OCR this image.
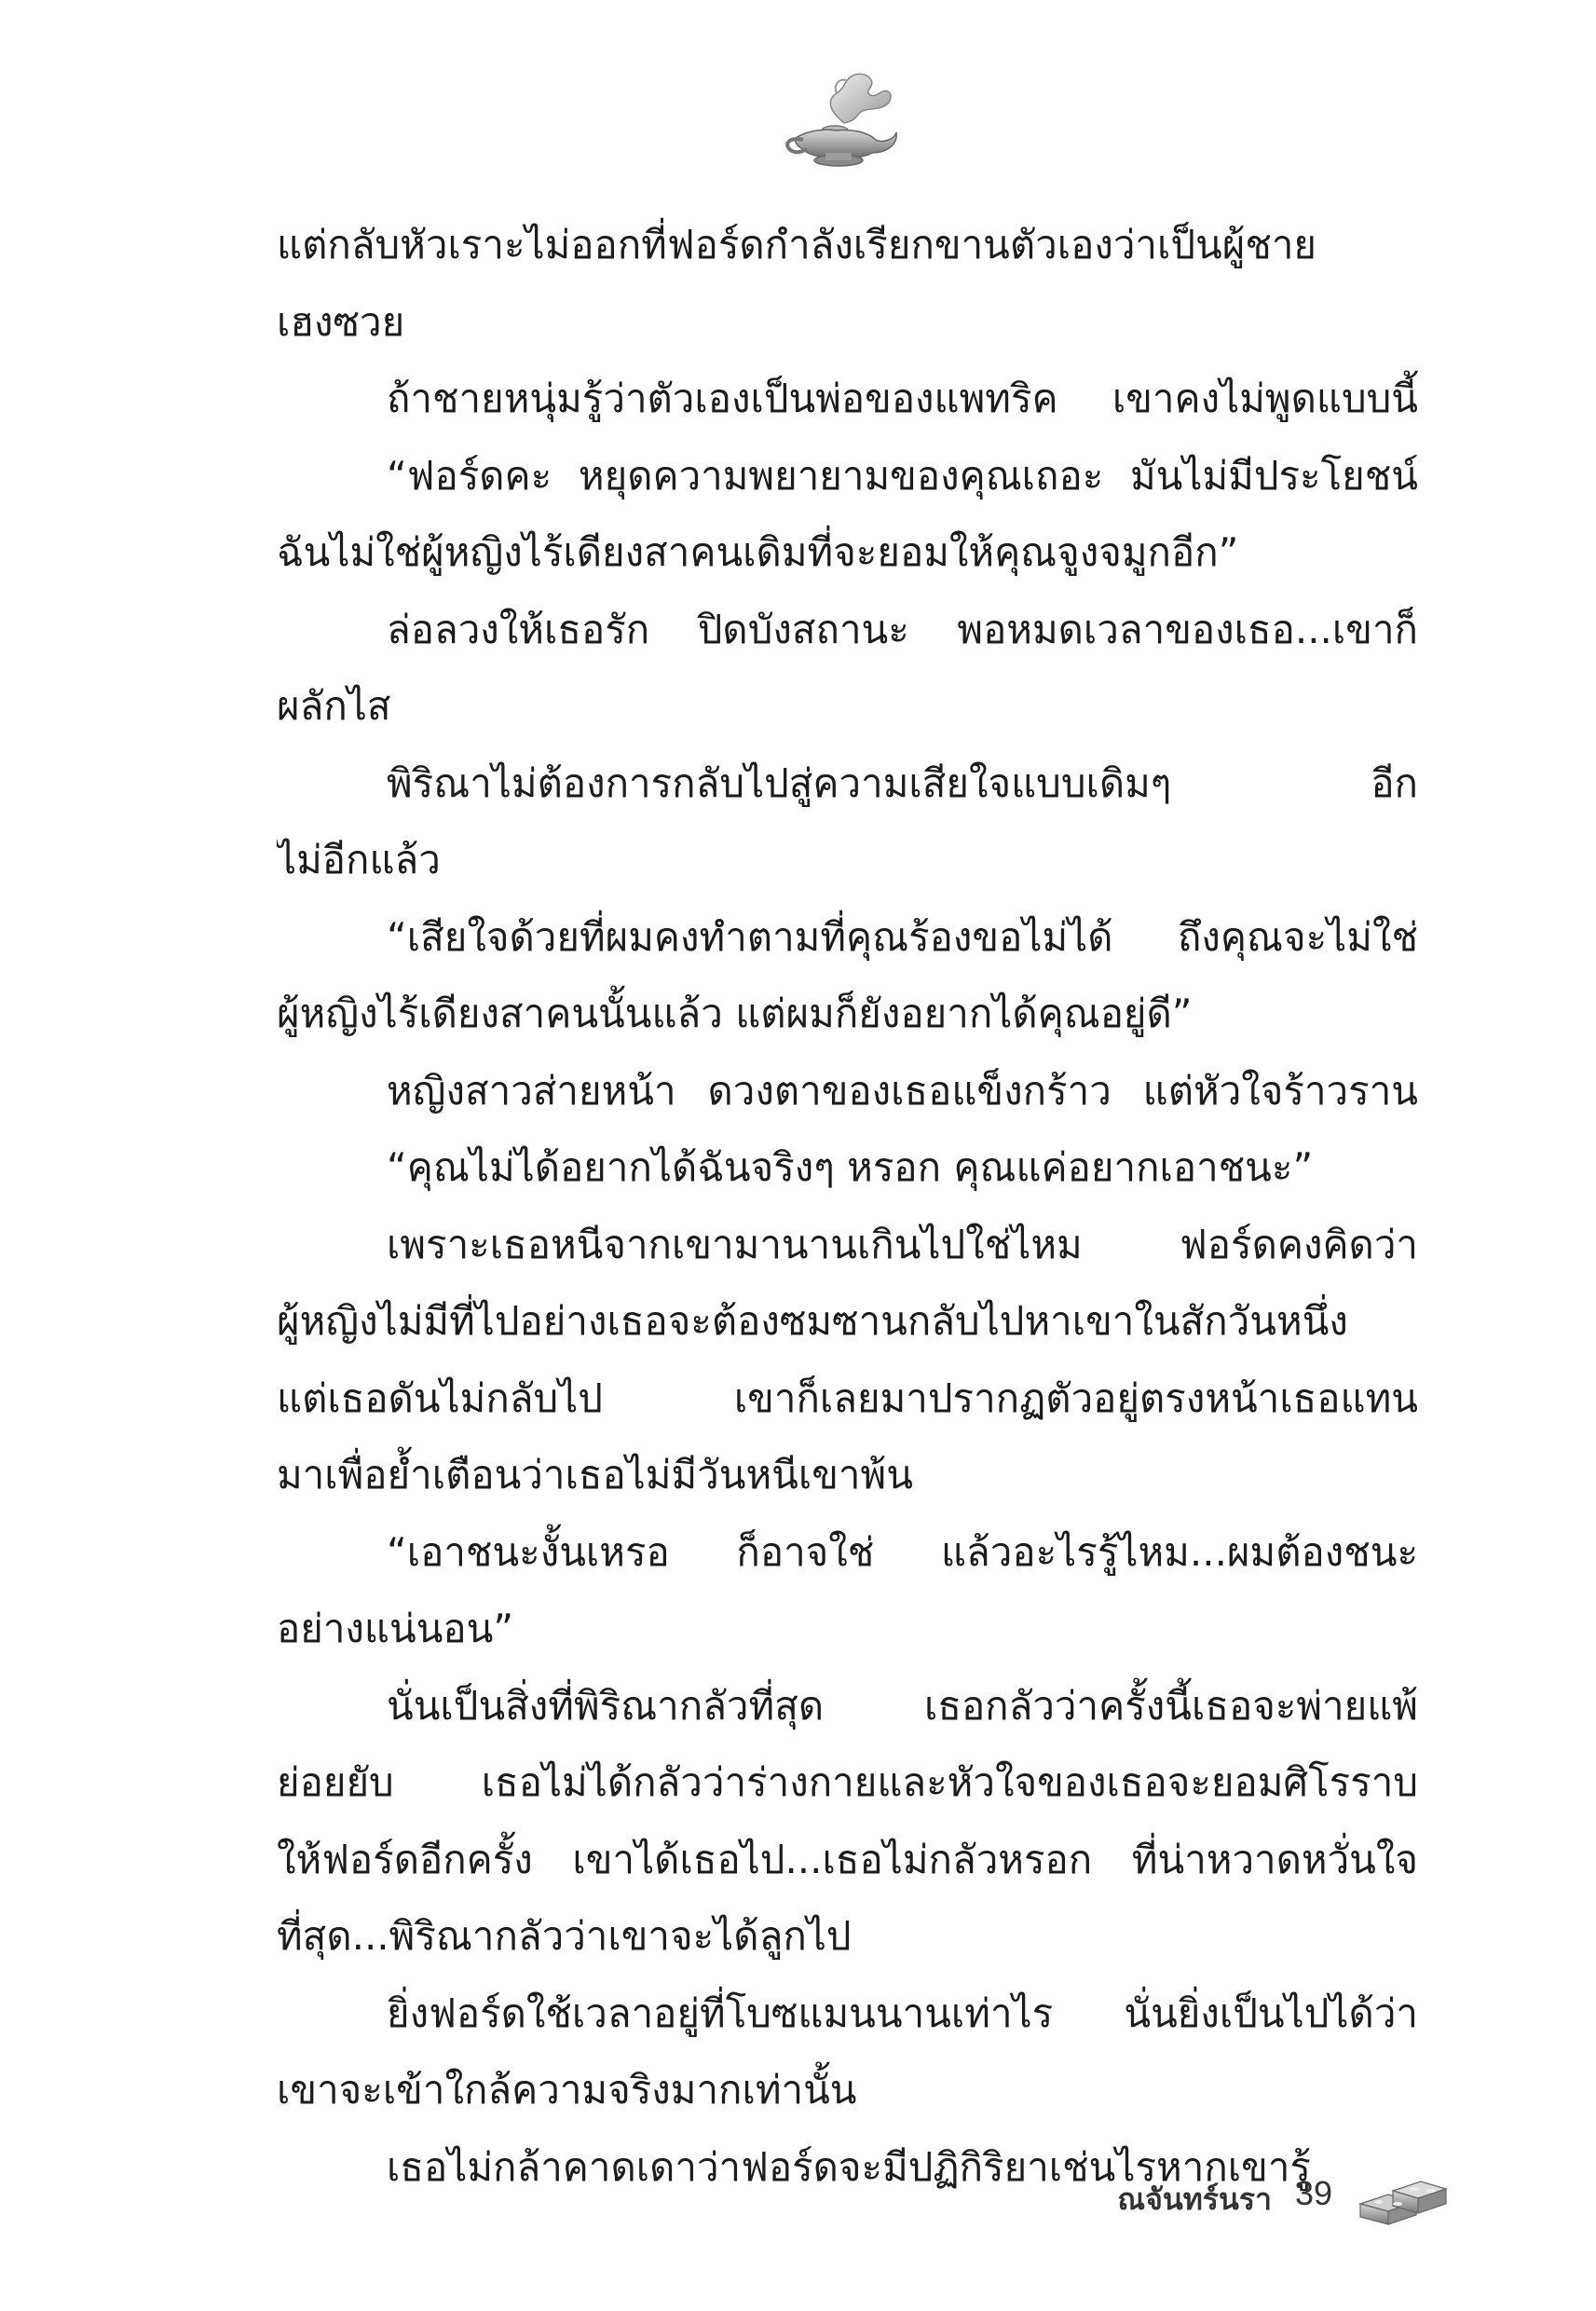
แต่กลับหัวเราะไม่ออกที่ฟอร์ดกำลังเรียกขานตัวเองว่าเป็นผู้ชาย
เฮงซวย
ถ้าชายหนุ่มรู้ว่าตัวเองเป็นพ่อของแพทริค เขาคงไม่พูดแบบนี้
“ฟอร์ดคะ หยุดความพยายามของคุณเถอะ มันไม่มีประโยชน์
ฉันไม่ใช่ผู้หญิงไร้เดียงสาคนเดิมที่จะยอมให้คุณจูงจมูกอีก”
ล่อลวงให้เธอรัก ปิดบังสถานะ พอหมดเวลาของเธอ...เขาก็
ผลักไส
พิริณาไม่ต้องการกลับไปสู่ความเสียใจแบบเดิมๆ อีก
ไม่อีกแล้ว
“เสียใจด้วยที่ผมคงทำตามที่คุณร้องขอไม่ได้ ถึงคุณจะไม่ใช่
ผู้หญิงไร้เดียงสาคนนั้นแล้ว แต่ผมก็ยังอยากได้คุณอยู่ดี”
หญิงสาวส่ายหน้า ดวงตาของเธอแข็งกร้าว แต่หัวใจร้าวราน
“คุณไม่ได้อยากได้ฉันจริงๆ หรอก คุณแค่อยากเอาชนะ”
เพราะเธอหนีจากเขามานานเกินไปใช่ไหม ฟอร์ดคงคิดว่า
ผู้หญิงไม่มีที่ไปอย่างเธอจะต้องซมซานกลับไปหาเขาในสักวันหนึ่ง
แต่เธอดันไม่กลับไป เขาก็เลยมาปรากฏตัวอยู่ตรงหน้าเธอแทน
มาเพื่อย้ำเตือนว่าเธอไม่มีวันหนีเขาพ้น
“เอาชนะงั้นเหรอ ก็อาจใช่ แล้วอะไรรู้ไหม...ผมต้องชนะ
อย่างแน่นอน”
นั่นเป็นสิ่งที่พิริณากลัวที่สุด เธอกลัวว่าครั้งนี้เธอจะพ่ายแพ้
ย่อยยับ เธอไม่ได้กลัวว่าร่างกายและหัวใจของเธอจะยอมศิโรราบ
ให้ฟอร์ดอีกครั้ง เขาได้เธอไป...เธอไม่กลัวหรอก ที่น่าหวาดหวั่นใจ
ที่สุด...พิริณากลัวว่าเขาจะได้ลูกไป
ยิ่งฟอร์ดใช้เวลาอยู่ที่โบซแมนนานเท่าไร นั่นยิ่งเป็นไปได้ว่า
เขาจะเข้าใกล้ความจริงมากเท่านั้น
เธอไม่กล้าคาดเดาว่าฟอร์ดจะมีปฏิกิริยาเช่นไรหากเขารู้
ณจันทร์นรา 39
